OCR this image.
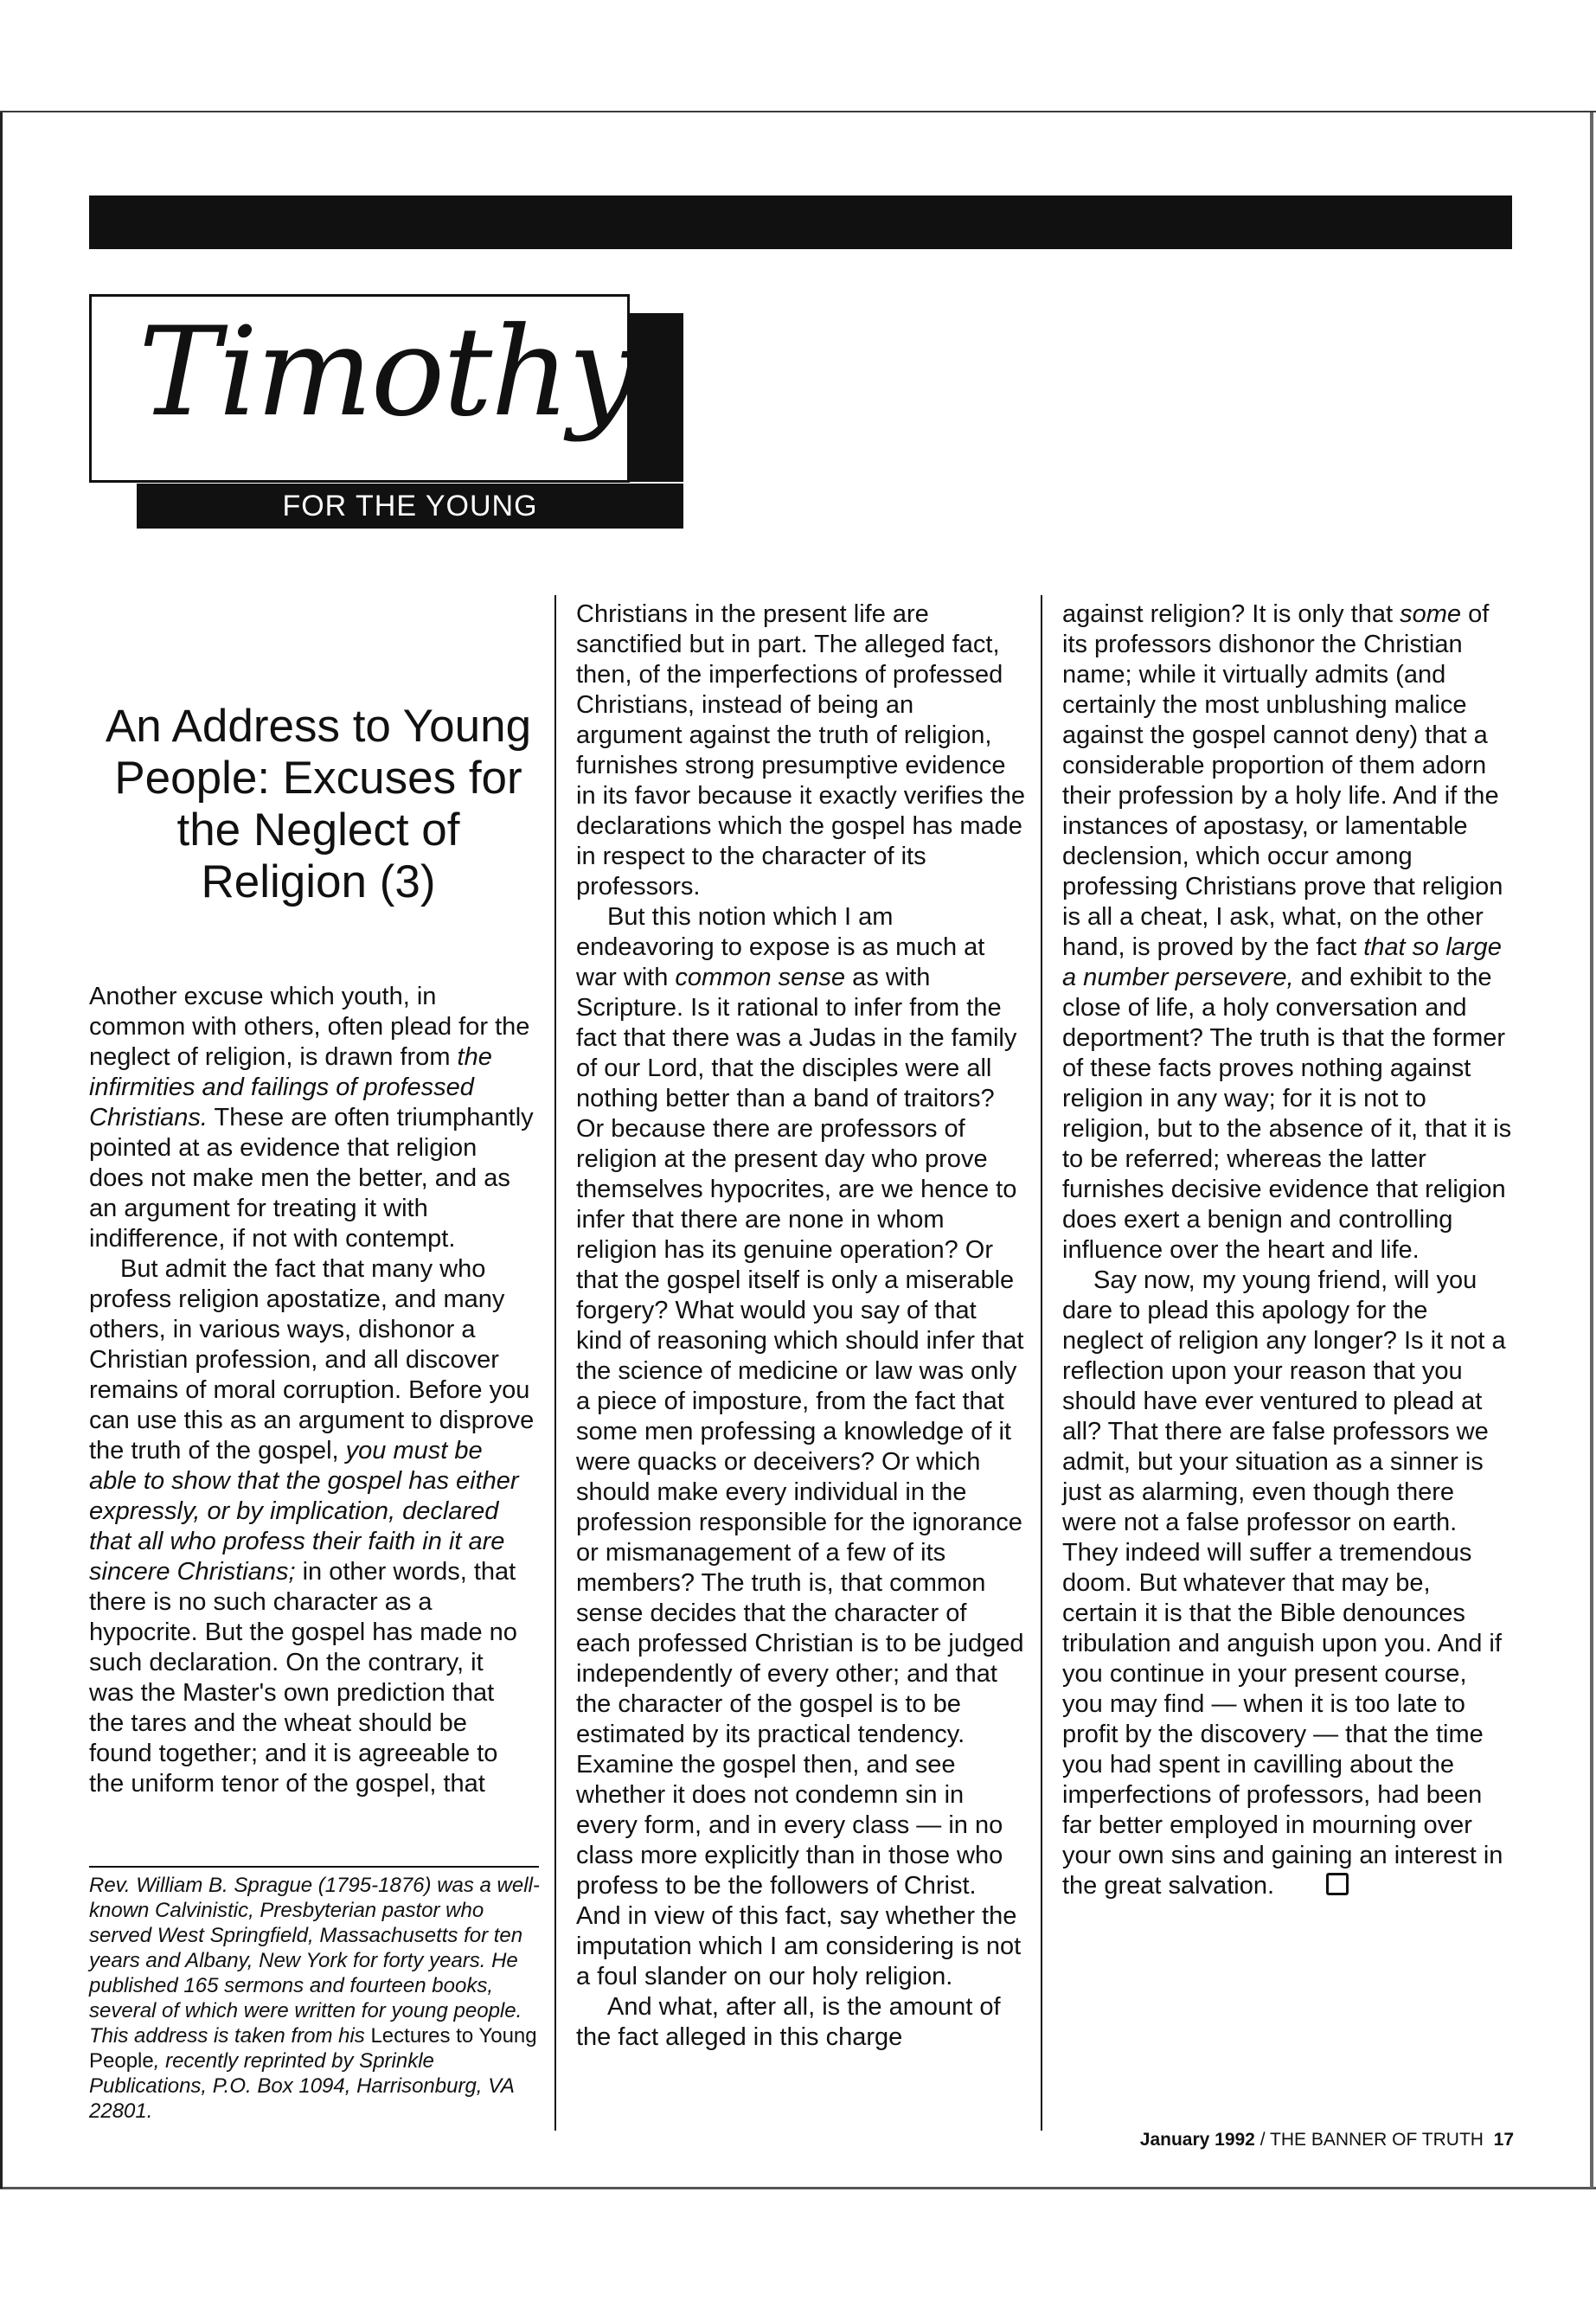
Timothy
FOR THE YOUNG
An Address to Young People: Excuses for the Neglect of Religion (3)

Another excuse which youth, in common with others, often plead for the neglect of religion, is drawn from the infirmities and failings of professed Christians. These are often triumphantly pointed at as evidence that religion does not make men the better, and as an argument for treating it with indifference, if not with contempt.

But admit the fact that many who profess religion apostatize, and many others, in various ways, dishonor a Christian profession, and all discover remains of moral corruption. Before you can use this as an argument to disprove the truth of the gospel, you must be able to show that the gospel has either expressly, or by implication, declared that all who profess their faith in it are sincere Christians; in other words, that there is no such character as a hypocrite. But the gospel has made no such declaration. On the contrary, it was the Master's own prediction that the tares and the wheat should be found together; and it is agreeable to the uniform tenor of the gospel, that

Rev. William B. Sprague (1795-1876) was a well-known Calvinistic, Presbyterian pastor who served West Springfield, Massachusetts for ten years and Albany, New York for forty years. He published 165 sermons and fourteen books, several of which were written for young people. This address is taken from his Lectures to Young People, recently reprinted by Sprinkle Publications, P.O. Box 1094, Harrisonburg, VA 22801.

Christians in the present life are sanctified but in part. The alleged fact, then, of the imperfections of professed Christians, instead of being an argument against the truth of religion, furnishes strong presumptive evidence in its favor because it exactly verifies the declarations which the gospel has made in respect to the character of its professors.

But this notion which I am endeavoring to expose is as much at war with common sense as with Scripture. Is it rational to infer from the fact that there was a Judas in the family of our Lord, that the disciples were all nothing better than a band of traitors? Or because there are professors of religion at the present day who prove themselves hypocrites, are we hence to infer that there are none in whom religion has its genuine operation? Or that the gospel itself is only a miserable forgery? What would you say of that kind of reasoning which should infer that the science of medicine or law was only a piece of imposture, from the fact that some men professing a knowledge of it were quacks or deceivers? Or which should make every individual in the profession responsible for the ignorance or mismanagement of a few of its members? The truth is, that common sense decides that the character of each professed Christian is to be judged independently of every other; and that the character of the gospel is to be estimated by its practical tendency. Examine the gospel then, and see whether it does not condemn sin in every form, and in every class — in no class more explicitly than in those who profess to be the followers of Christ. And in view of this fact, say whether the imputation which I am considering is not a foul slander on our holy religion.

And what, after all, is the amount of the fact alleged in this charge

against religion? It is only that some of its professors dishonor the Christian name; while it virtually admits (and certainly the most unblushing malice against the gospel cannot deny) that a considerable proportion of them adorn their profession by a holy life. And if the instances of apostasy, or lamentable declension, which occur among professing Christians prove that religion is all a cheat, I ask, what, on the other hand, is proved by the fact that so large a number persevere, and exhibit to the close of life, a holy conversation and deportment? The truth is that the former of these facts proves nothing against religion in any way; for it is not to religion, but to the absence of it, that it is to be referred; whereas the latter furnishes decisive evidence that religion does exert a benign and controlling influence over the heart and life.

Say now, my young friend, will you dare to plead this apology for the neglect of religion any longer? Is it not a reflection upon your reason that you should have ever ventured to plead at all? That there are false professors we admit, but your situation as a sinner is just as alarming, even though there were not a false professor on earth. They indeed will suffer a tremendous doom. But whatever that may be, certain it is that the Bible denounces tribulation and anguish upon you. And if you continue in your present course, you may find — when it is too late to profit by the discovery — that the time you had spent in cavilling about the imperfections of professors, had been far better employed in mourning over your own sins and gaining an interest in the great salvation.

January 1992 / THE BANNER OF TRUTH 17
